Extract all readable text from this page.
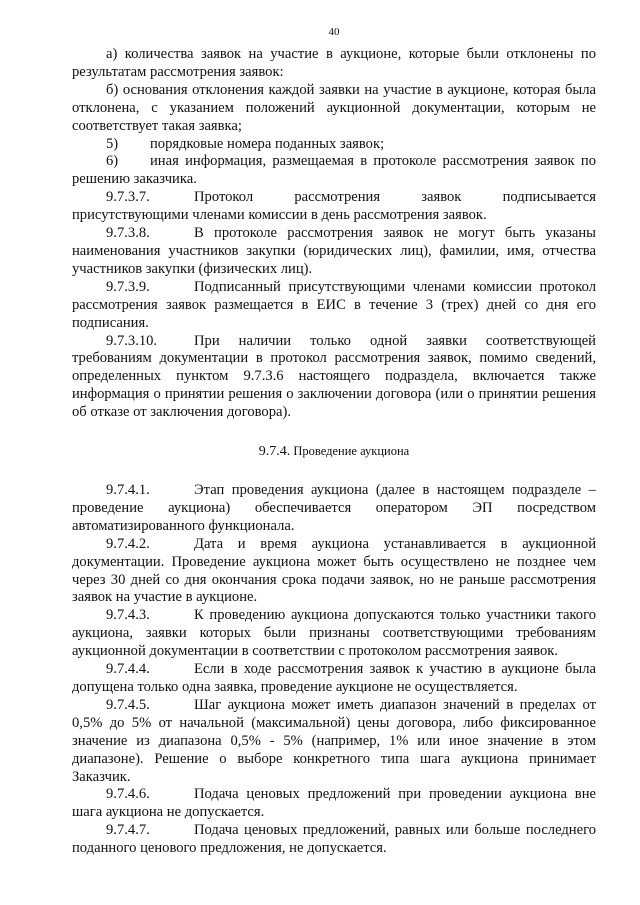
40

а) количества заявок на участие в аукционе, которые были отклонены по результатам рассмотрения заявок:

б) основания отклонения каждой заявки на участие в аукционе, которая была отклонена, с указанием положений аукционной документации, которым не соответствует такая заявка;

5) порядковые номера поданных заявок;

6) иная информация, размещаемая в протоколе рассмотрения заявок по решению заказчика.

9.7.3.7.	Протокол рассмотрения заявок подписывается присутствующими членами комиссии в день рассмотрения заявок.

9.7.3.8.	В протоколе рассмотрения заявок не могут быть указаны наименования участников закупки (юридических лиц), фамилии, имя, отчества участников закупки (физических лиц).

9.7.3.9.	Подписанный присутствующими членами комиссии протокол рассмотрения заявок размещается в ЕИС в течение 3 (трех) дней со дня его подписания.

9.7.3.10.	При наличии только одной заявки соответствующей требованиям документации в протокол рассмотрения заявок, помимо сведений, определенных пунктом 9.7.3.6 настоящего подраздела, включается также информация о принятии решения о заключении договора (или о принятии решения об отказе от заключения договора).

9.7.4. Проведение аукциона

9.7.4.1.	Этап проведения аукциона (далее в настоящем подразделе – проведение аукциона) обеспечивается оператором ЭП посредством автоматизированного функционала.

9.7.4.2.	Дата и время аукциона устанавливается в аукционной документации. Проведение аукциона может быть осуществлено не позднее чем через 30 дней со дня окончания срока подачи заявок, но не раньше рассмотрения заявок на участие в аукционе.

9.7.4.3.	К проведению аукциона допускаются только участники такого аукциона, заявки которых были признаны соответствующими требованиям аукционной документации в соответствии с протоколом рассмотрения заявок.

9.7.4.4.	Если в ходе рассмотрения заявок к участию в аукционе была допущена только одна заявка, проведение аукционе не осуществляется.

9.7.4.5.	Шаг аукциона может иметь диапазон значений в пределах от 0,5% до 5% от начальной (максимальной) цены договора, либо фиксированное значение из диапазона 0,5% - 5% (например, 1% или иное значение в этом диапазоне). Решение о выборе конкретного типа шага аукциона принимает Заказчик.

9.7.4.6.	Подача ценовых предложений при проведении аукциона вне шага аукциона не допускается.

9.7.4.7.	Подача ценовых предложений, равных или больше последнего поданного ценового предложения, не допускается.
